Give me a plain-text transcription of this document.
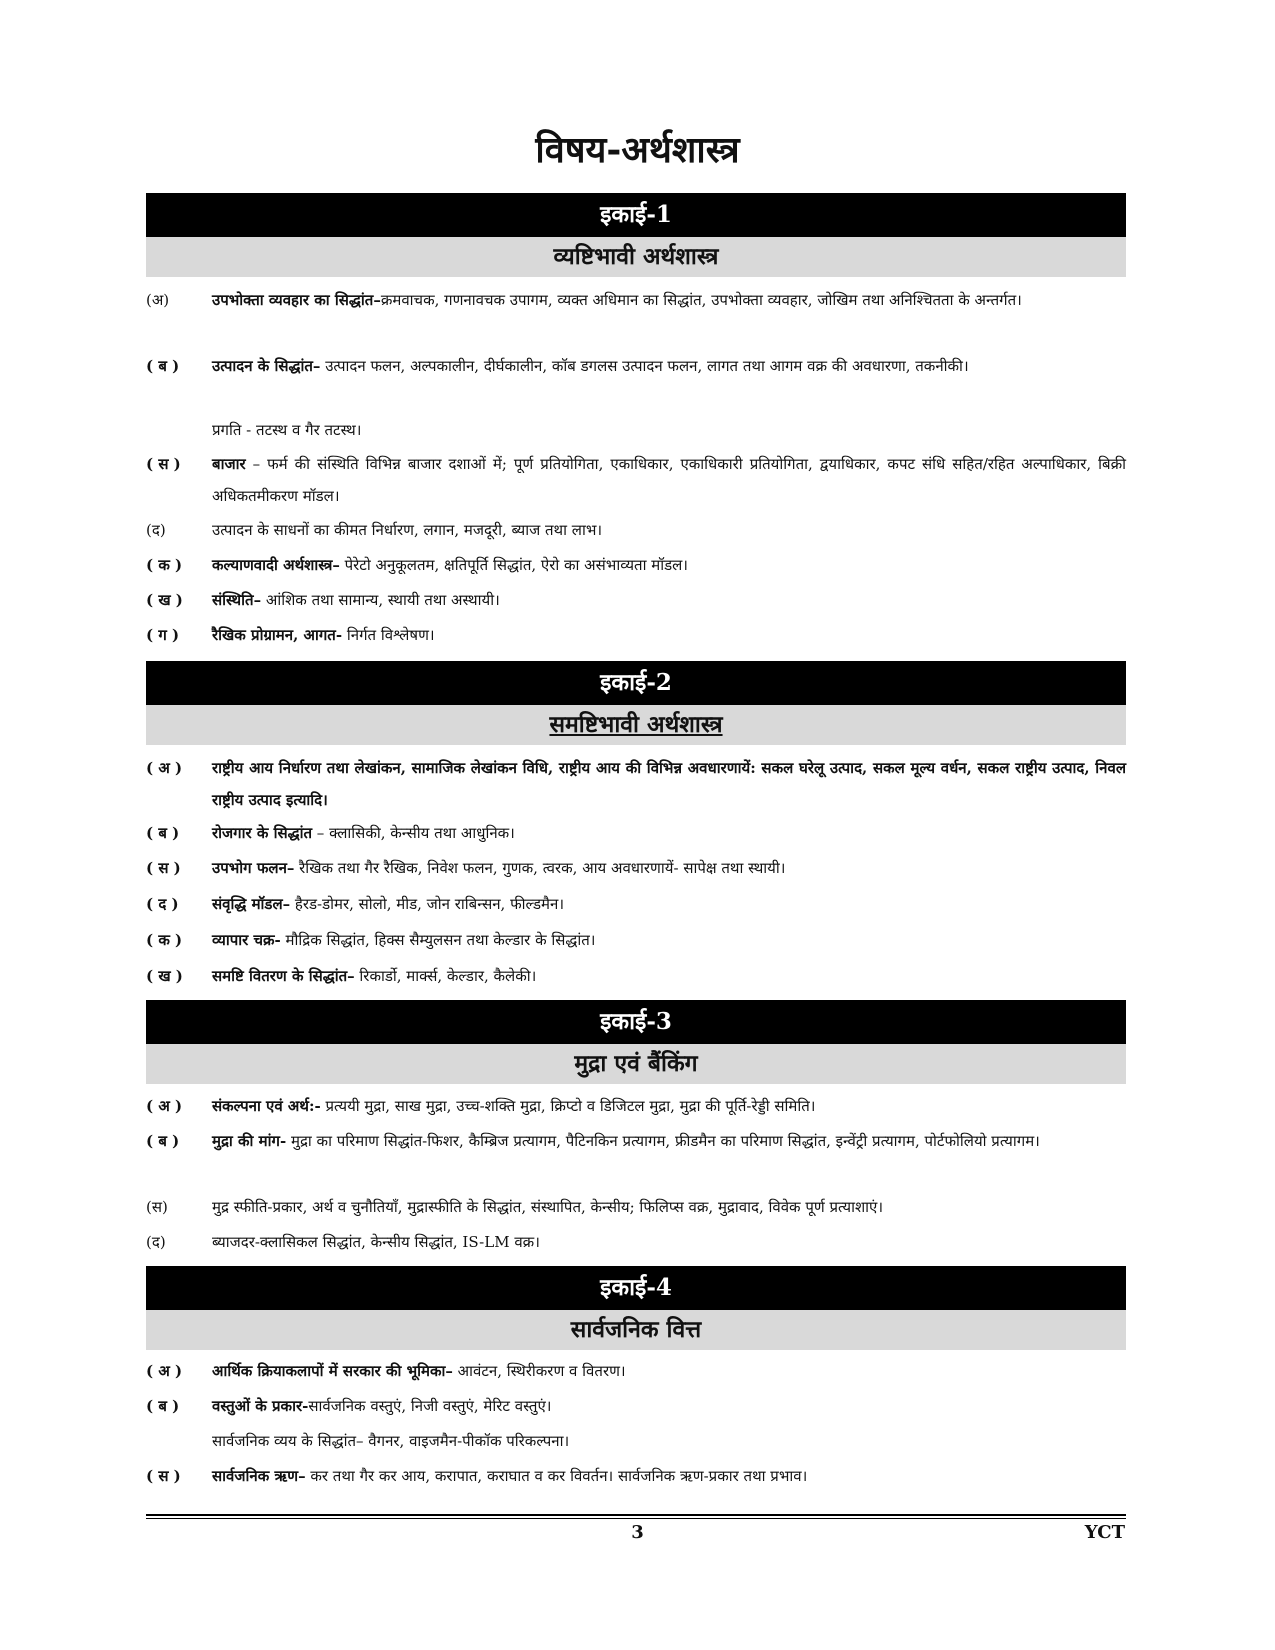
विषय-अर्थशास्त्र
इकाई-1
व्यष्टिभावी अर्थशास्त्र
(अ)	उपभोक्ता व्यवहार का सिद्धांत–क्रमवाचक, गणनावचक उपागम, व्यक्त अधिमान का सिद्धांत, उपभोक्ता व्यवहार, जोखिम तथा अनिश्चितता के अन्तर्गत।
( ब )	उत्पादन के सिद्धांत– उत्पादन फलन, अल्पकालीन, दीर्घकालीन, कॉब डगलस उत्पादन फलन, लागत तथा आगम वक्र की अवधारणा, तकनीकी।
प्रगति - तटस्थ व गैर तटस्थ।
( स )	बाजार – फर्म की संस्थिति विभिन्न बाजार दशाओं में; पूर्ण प्रतियोगिता, एकाधिकार, एकाधिकारी प्रतियोगिता, द्वयाधिकार, कपट संधि सहित/रहित अल्पाधिकार, बिक्री अधिकतमीकरण मॉडल।
(द)	उत्पादन के साधनों का कीमत निर्धारण, लगान, मजदूरी, ब्याज तथा लाभ।
( क )	कल्याणवादी अर्थशास्त्र– पेरेटो अनुकूलतम, क्षतिपूर्ति सिद्धांत, ऐरो का असंभाव्यता मॉडल।
( ख )	संस्थिति– आंशिक तथा सामान्य, स्थायी तथा अस्थायी।
( ग )	रैखिक प्रोग्रामन, आगत- निर्गत विश्लेषण।
इकाई-2
समष्टिभावी अर्थशास्त्र
( अ )	राष्ट्रीय आय निर्धारण तथा लेखांकन, सामाजिक लेखांकन विधि, राष्ट्रीय आय की विभिन्न अवधारणायें: सकल घरेलू उत्पाद, सकल मूल्य वर्धन, सकल राष्ट्रीय उत्पाद, निवल राष्ट्रीय उत्पाद इत्यादि।
( ब )	रोजगार के सिद्धांत – क्लासिकी, केन्सीय तथा आधुनिक।
( स )	उपभोग फलन– रैखिक तथा गैर रैखिक, निवेश फलन, गुणक, त्वरक, आय अवधारणायें- सापेक्ष तथा स्थायी।
( द )	संवृद्धि मॉडल– हैरड-डोमर, सोलो, मीड, जोन राबिन्सन, फील्डमैन।
( क )	व्यापार चक्र- मौद्रिक सिद्धांत, हिक्स सैम्युलसन तथा केल्डार के सिद्धांत।
( ख )	समष्टि वितरण के सिद्धांत– रिकार्डो, मार्क्स, केल्डार, कैलेकी।
इकाई-3
मुद्रा एवं बैंकिंग
( अ )	संकल्पना एवं अर्थ:- प्रत्ययी मुद्रा, साख मुद्रा, उच्च-शक्ति मुद्रा, क्रिप्टो व डिजिटल मुद्रा, मुद्रा की पूर्ति-रेड्डी समिति।
( ब )	मुद्रा की मांग- मुद्रा का परिमाण सिद्धांत-फिशर, कैम्ब्रिज प्रत्यागम, पैटिनकिन प्रत्यागम, फ्रीडमैन का परिमाण सिद्धांत, इन्वेंट्री प्रत्यागम, पोर्टफोलियो प्रत्यागम।
(स)	मुद्र स्फीति-प्रकार, अर्थ व चुनौतियाँ, मुद्रास्फीति के सिद्धांत, संस्थापित, केन्सीय; फिलिप्स वक्र, मुद्रावाद, विवेक पूर्ण प्रत्याशाएं।
(द)	ब्याजदर-क्लासिकल सिद्धांत, केन्सीय सिद्धांत, IS-LM वक्र।
इकाई-4
सार्वजनिक वित्त
( अ )	आर्थिक क्रियाकलापों में सरकार की भूमिका– आवंटन, स्थिरीकरण व वितरण।
( ब )	वस्तुओं के प्रकार-सार्वजनिक वस्तुएं, निजी वस्तुएं, मेरिट वस्तुएं।
सार्वजनिक व्यय के सिद्धांत– वैगनर, वाइजमैन-पीकॉक परिकल्पना।
( स )	सार्वजनिक ऋण– कर तथा गैर कर आय, करापात, कराघात व कर विवर्तन। सार्वजनिक ऋण-प्रकार तथा प्रभाव।
3	YCT
